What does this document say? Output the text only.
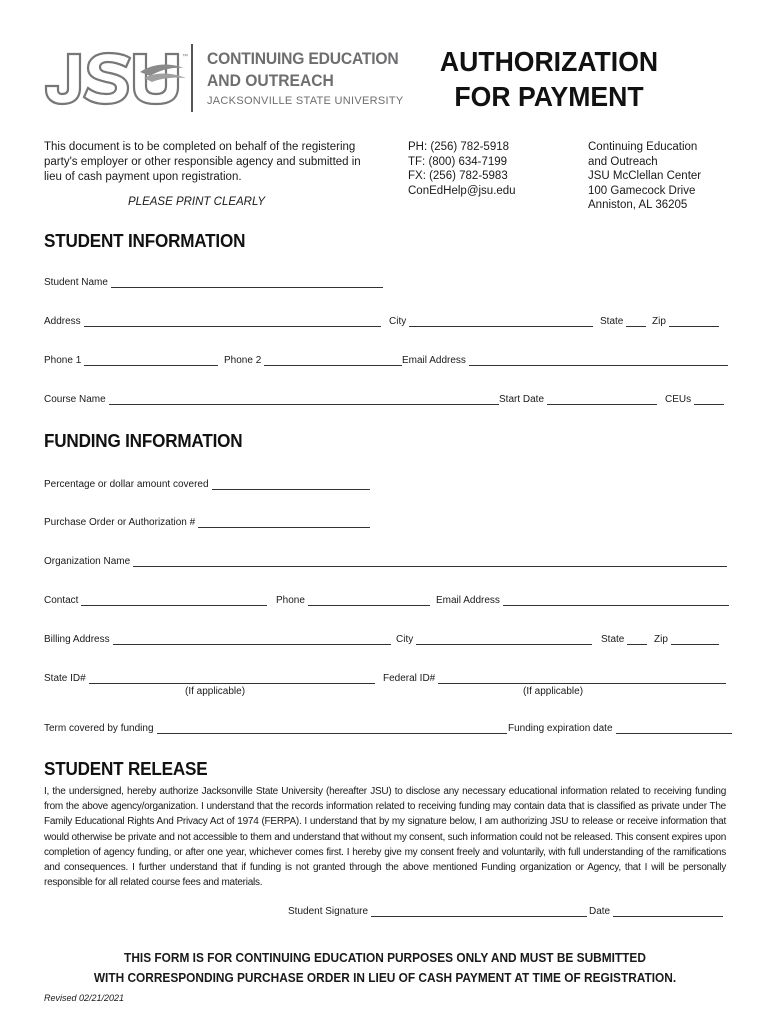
™ CONTINUING EDUCATION
AND OUTREACH
JACKSONVILLE STATE UNIVERSITY
AUTHORIZATION
FOR PAYMENT
This document is to be completed on behalf of the registering party's employer or other responsible agency and submitted in lieu of cash payment upon registration.
PLEASE PRINT CLEARLY
PH: (256) 782-5918
TF: (800) 634-7199
FX: (256) 782-5983
ConEdHelp@jsu.edu
Continuing Education
and Outreach
JSU McClellan Center
100 Gamecock Drive
Anniston, AL 36205
STUDENT INFORMATION
Student Name
Address	City	State	Zip
Phone 1	Phone 2	Email Address
Course Name	Start Date	CEUs
FUNDING INFORMATION
Percentage or dollar amount covered
Purchase Order or Authorization #
Organization Name
Contact	Phone	Email Address
Billing Address	City	State	Zip
State ID#	Federal ID#
(If applicable)	(If applicable)
Term covered by funding	Funding expiration date
STUDENT RELEASE
I, the undersigned, hereby authorize Jacksonville State University (hereafter JSU) to disclose any necessary educational information related to receiving funding from the above agency/organization. I understand that the records information related to receiving funding may contain data that is classified as private under The Family Educational Rights And Privacy Act of 1974 (FERPA). I understand that by my signature below, I am authorizing JSU to release or receive information that would otherwise be private and not accessible to them and understand that without my consent, such information could not be released. This consent expires upon completion of agency funding, or after one year, whichever comes first. I hereby give my consent freely and voluntarily, with full understanding of the ramifications and consequences. I further understand that if funding is not granted through the above mentioned Funding organization or Agency, that I will be personally responsible for all related course fees and materials.
Student Signature	Date
THIS FORM IS FOR CONTINUING EDUCATION PURPOSES ONLY AND MUST BE SUBMITTED
WITH CORRESPONDING PURCHASE ORDER IN LIEU OF CASH PAYMENT AT TIME OF REGISTRATION.
Revised 02/21/2021
